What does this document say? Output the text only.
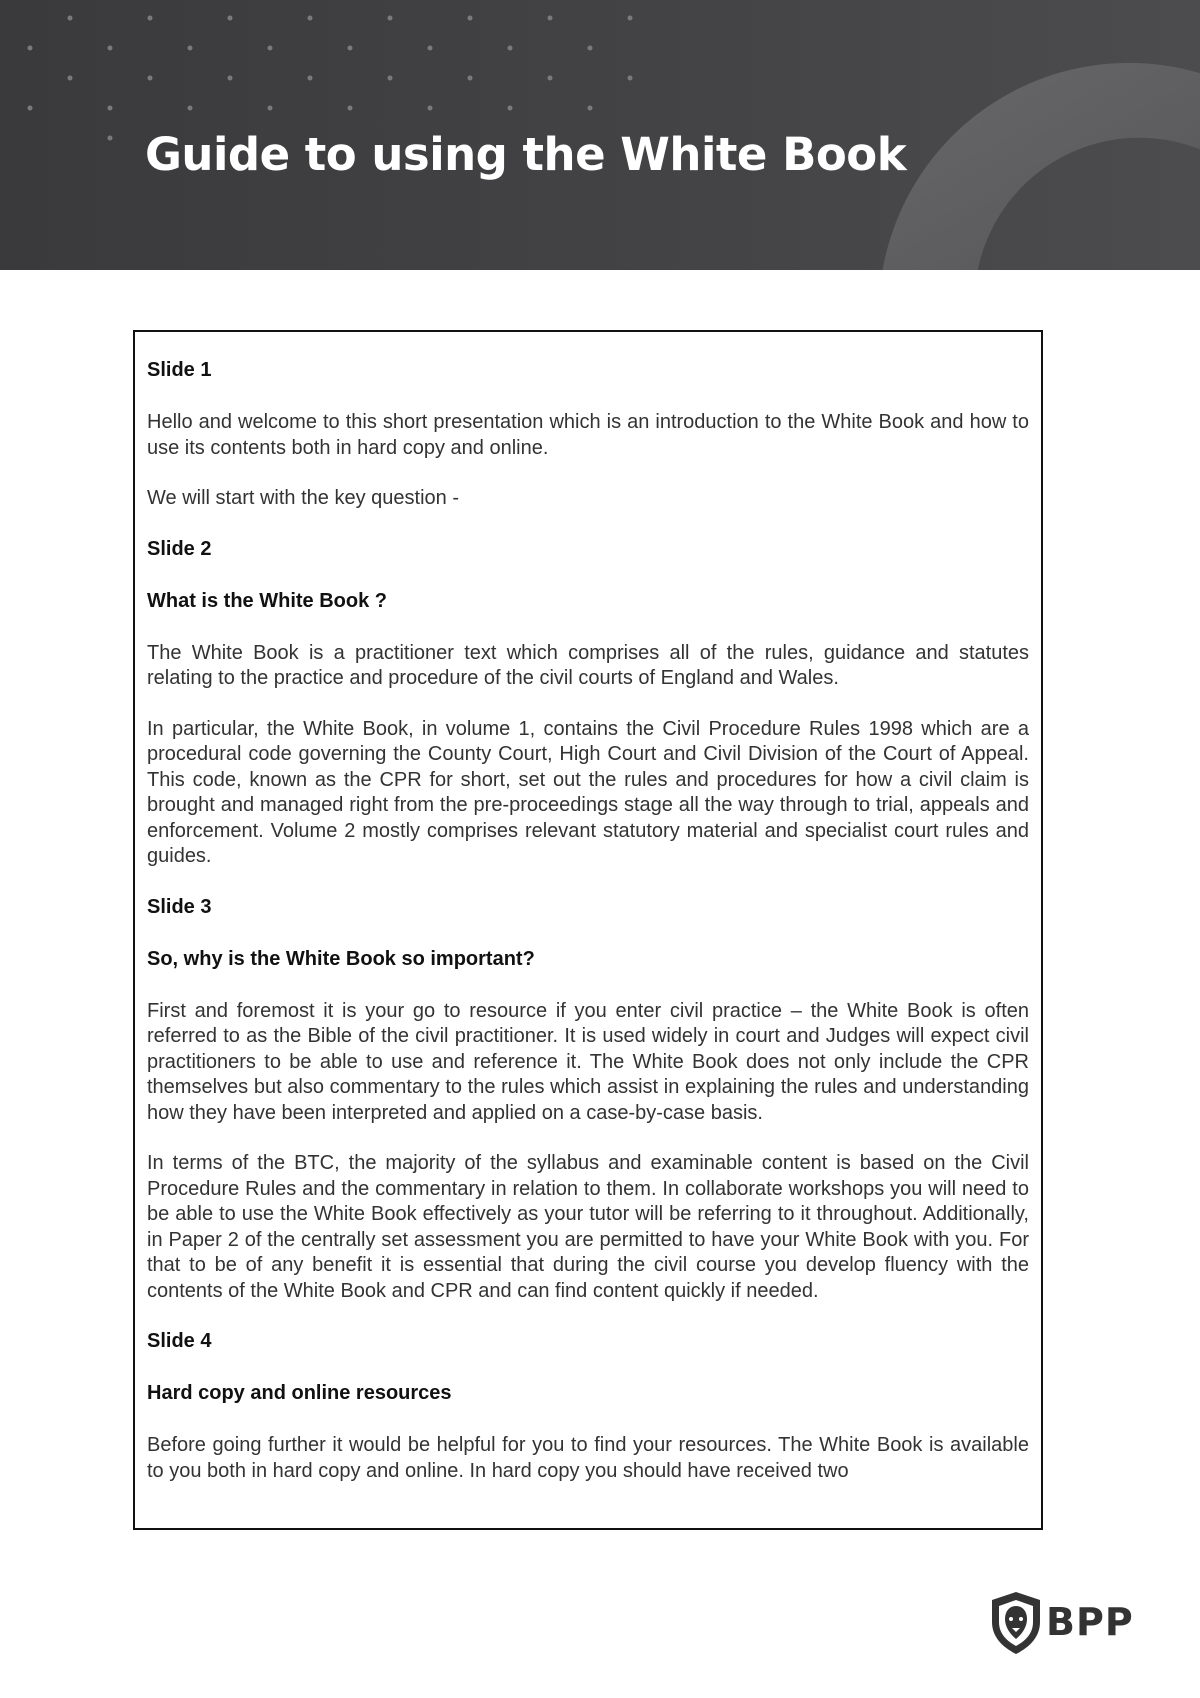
Guide to using the White Book

Slide 1

Hello and welcome to this short presentation which is an introduction to the White Book and how to use its contents both in hard copy and online.

We will start with the key question -

Slide 2

What is the White Book ?

The White Book is a practitioner text which comprises all of the rules, guidance and statutes relating to the practice and procedure of the civil courts of England and Wales.

In particular, the White Book, in volume 1, contains the Civil Procedure Rules 1998 which are a procedural code governing the County Court, High Court and Civil Division of the Court of Appeal. This code, known as the CPR for short, set out the rules and procedures for how a civil claim is brought and managed right from the pre-proceedings stage all the way through to trial, appeals and enforcement. Volume 2 mostly comprises relevant statutory material and specialist court rules and guides.

Slide 3

So, why is the White Book so important?

First and foremost it is your go to resource if you enter civil practice – the White Book is often referred to as the Bible of the civil practitioner. It is used widely in court and Judges will expect civil practitioners to be able to use and reference it. The White Book does not only include the CPR themselves but also commentary to the rules which assist in explaining the rules and understanding how they have been interpreted and applied on a case-by-case basis.

In terms of the BTC, the majority of the syllabus and examinable content is based on the Civil Procedure Rules and the commentary in relation to them. In collaborate workshops you will need to be able to use the White Book effectively as your tutor will be referring to it throughout. Additionally, in Paper 2 of the centrally set assessment you are permitted to have your White Book with you. For that to be of any benefit it is essential that during the civil course you develop fluency with the contents of the White Book and CPR and can find content quickly if needed.

Slide 4

Hard copy and online resources

Before going further it would be helpful for you to find your resources. The White Book is available to you both in hard copy and online. In hard copy you should have received two

BPP
